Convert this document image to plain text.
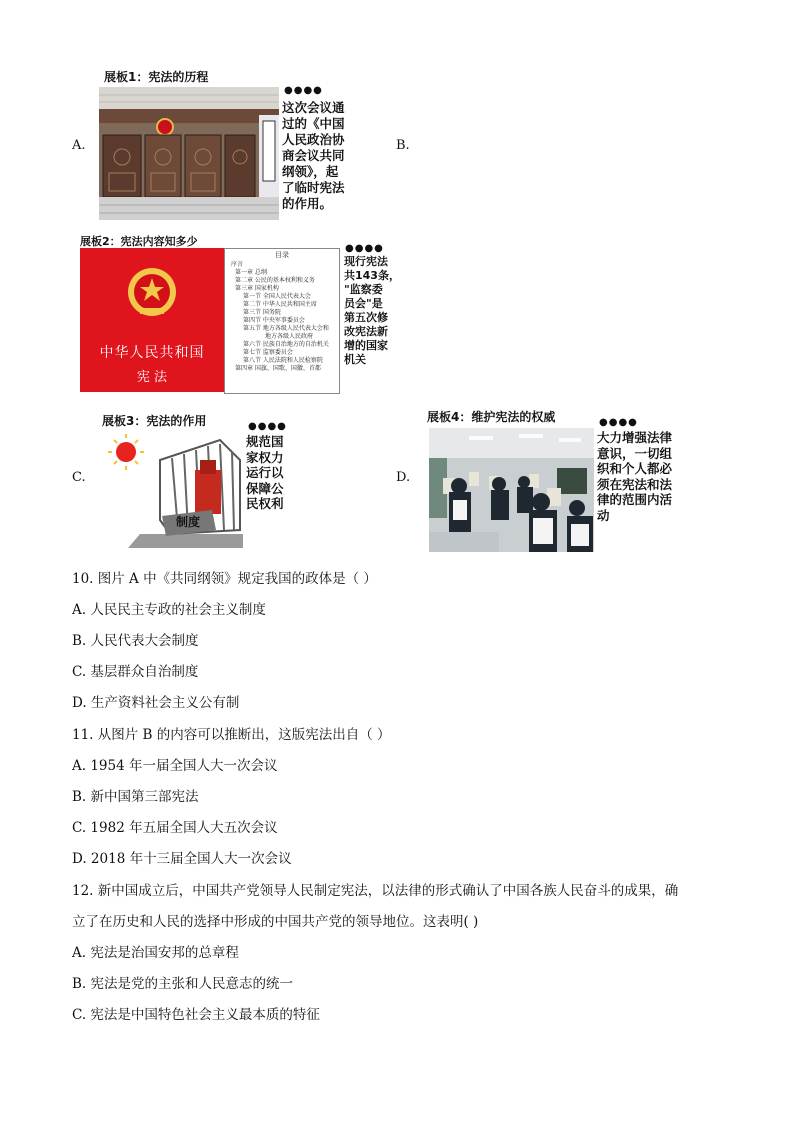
A.	B.
C.	D.
展板1：宪法的历程
●●●●
这次会议通
过的《中国
人民政治协
商会议共同
纲领》，起
了临时宪法
的作用。
展板2：宪法内容知多少
中华人民共和国
宪 法
目录
序言
第一章 总纲
第二章 公民的基本权利和义务
第三章 国家机构
第一节 全国人民代表大会
第二节 中华人民共和国主席
第三节 国务院
第四节 中央军事委员会
第五节 地方各级人民代表大会和
地方各级人民政府
第六节 民族自治地方的自治机关
第七节 监察委员会
第八节 人民法院和人民检察院
第四章 国旗、国歌、国徽、首都
●●●●
现行宪法
共143条，
"监察委
员会"是
第五次修
改宪法新
增的国家
机关
展板3：宪法的作用
制度
●●●●
规范国
家权力
运行以
保障公
民权利
展板4：维护宪法的权威	●●●●
大力增强法律
意识，一切组
织和个人都必
须在宪法和法
律的范围内活
动
10. 图片 A 中《共同纲领》规定我国的政体是（ ）
A. 人民民主专政的社会主义制度
B. 人民代表大会制度
C. 基层群众自治制度
D. 生产资料社会主义公有制
11. 从图片 B 的内容可以推断出，这版宪法出自（ ）
A. 1954 年一届全国人大一次会议
B. 新中国第三部宪法
C. 1982 年五届全国人大五次会议
D. 2018 年十三届全国人大一次会议
12. 新中国成立后，中国共产党领导人民制定宪法，以法律的形式确认了中国各族人民奋斗的成果，确
立了在历史和人民的选择中形成的中国共产党的领导地位。这表明( )
A. 宪法是治国安邦的总章程
B. 宪法是党的主张和人民意志的统一
C. 宪法是中国特色社会主义最本质的特征
